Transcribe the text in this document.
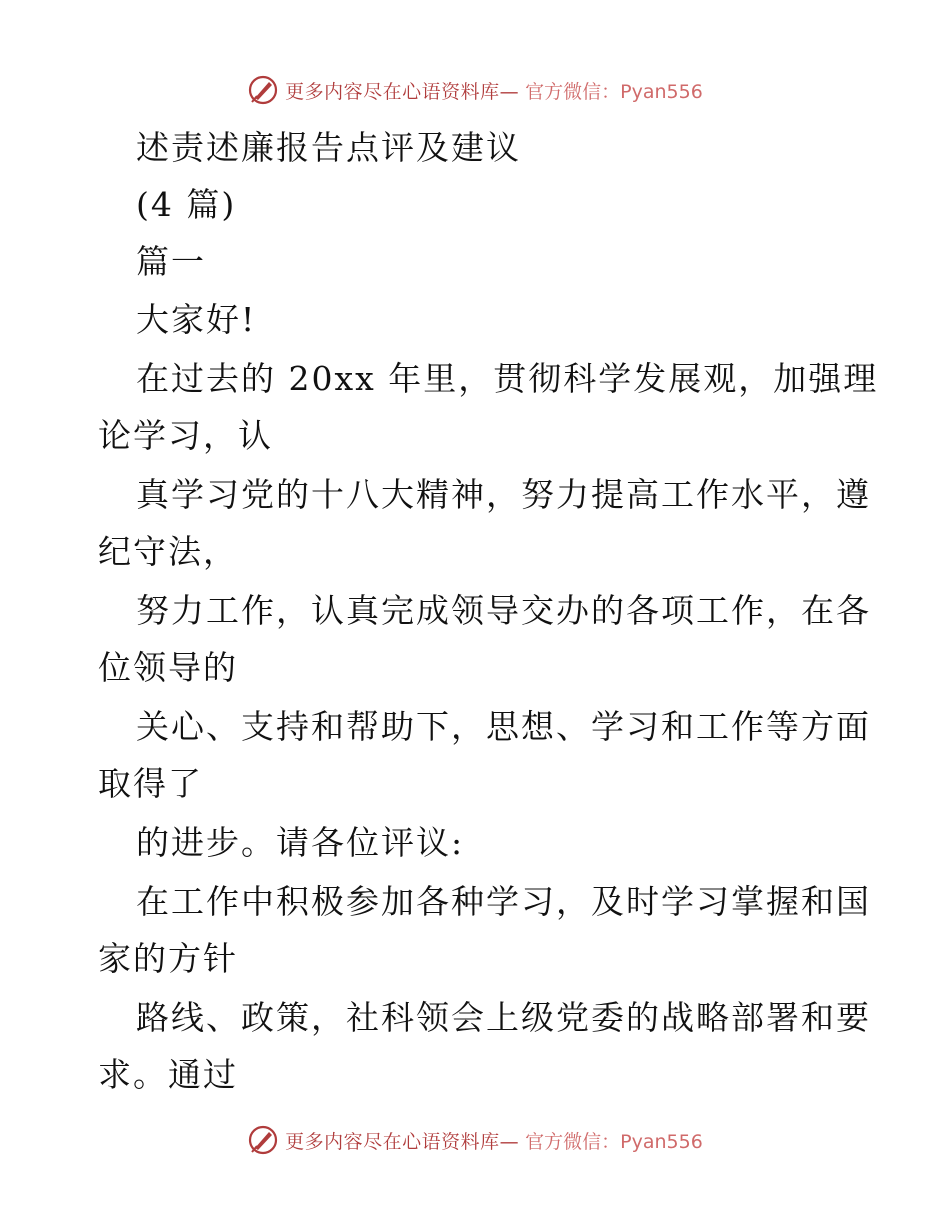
更多内容尽在心语资料库— 官方微信：Pyan556
述责述廉报告点评及建议
(4 篇)
篇一
大家好!
在过去的 20xx 年里，贯彻科学发展观，加强理
论学习，认
真学习党的十八大精神，努力提高工作水平，遵
纪守法，
努力工作，认真完成领导交办的各项工作，在各
位领导的
关心、支持和帮助下，思想、学习和工作等方面
取得了
的进步。请各位评议:
在工作中积极参加各种学习，及时学习掌握和国
家的方针
路线、政策，社科领会上级党委的战略部署和要
求。通过
更多内容尽在心语资料库— 官方微信：Pyan556
